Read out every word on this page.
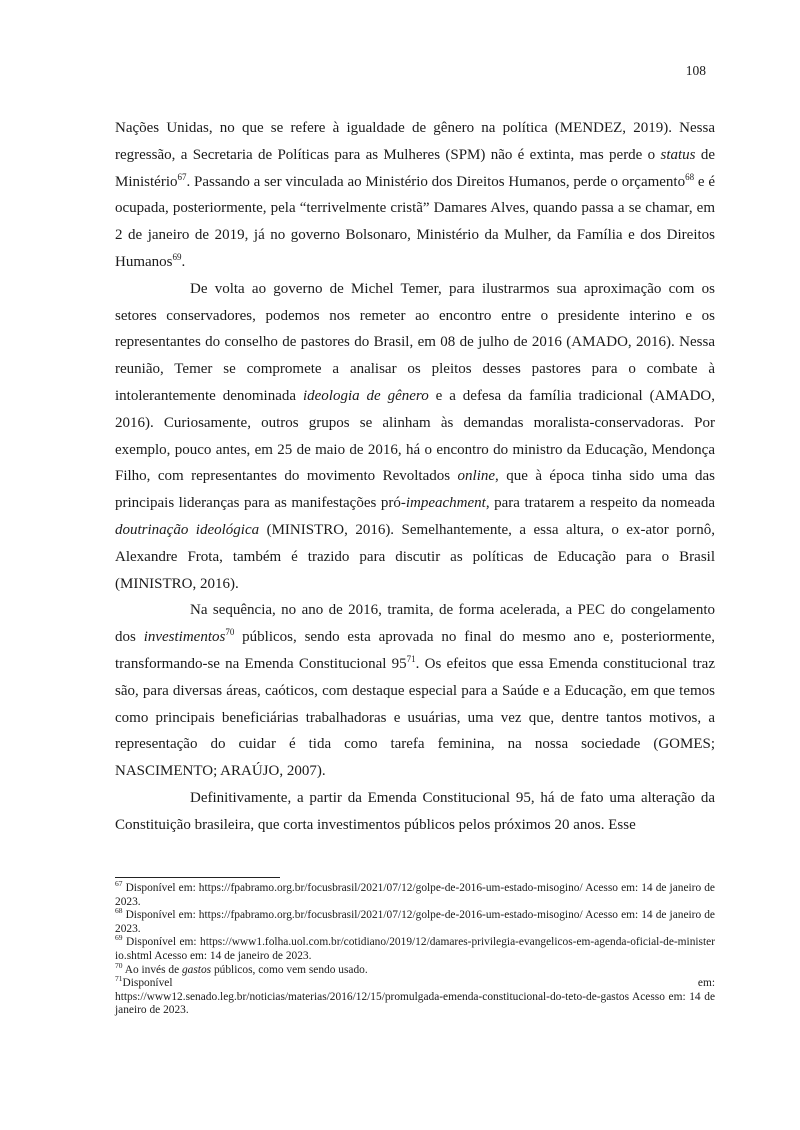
108

Nações Unidas, no que se refere à igualdade de gênero na política (MENDEZ, 2019). Nessa regressão, a Secretaria de Políticas para as Mulheres (SPM) não é extinta, mas perde o status de Ministério$^{67}$. Passando a ser vinculada ao Ministério dos Direitos Humanos, perde o orçamento$^{68}$ e é ocupada, posteriormente, pela “terrivelmente cristã” Damares Alves, quando passa a se chamar, em 2 de janeiro de 2019, já no governo Bolsonaro, Ministério da Mulher, da Família e dos Direitos Humanos$^{69}$.

De volta ao governo de Michel Temer, para ilustrarmos sua aproximação com os setores conservadores, podemos nos remeter ao encontro entre o presidente interino e os representantes do conselho de pastores do Brasil, em 08 de julho de 2016 (AMADO, 2016). Nessa reunião, Temer se compromete a analisar os pleitos desses pastores para o combate à intolerantemente denominada ideologia de gênero e a defesa da família tradicional (AMADO, 2016). Curiosamente, outros grupos se alinham às demandas moralista-conservadoras. Por exemplo, pouco antes, em 25 de maio de 2016, há o encontro do ministro da Educação, Mendonça Filho, com representantes do movimento Revoltados online, que à época tinha sido uma das principais lideranças para as manifestações pró-impeachment, para tratarem a respeito da nomeada doutrinação ideológica (MINISTRO, 2016). Semelhantemente, a essa altura, o ex-ator pornô, Alexandre Frota, também é trazido para discutir as políticas de Educação para o Brasil (MINISTRO, 2016).

Na sequência, no ano de 2016, tramita, de forma acelerada, a PEC do congelamento dos investimentos$^{70}$ públicos, sendo esta aprovada no final do mesmo ano e, posteriormente, transformando-se na Emenda Constitucional $95^{71}$. Os efeitos que essa Emenda constitucional traz são, para diversas áreas, caóticos, com destaque especial para a Saúde e a Educação, em que temos como principais beneficiárias trabalhadoras e usuárias, uma vez que, dentre tantos motivos, a representação do cuidar é tida como tarefa feminina, na nossa sociedade (GOMES; NASCIMENTO; ARAÚJO, 2007).

Definitivamente, a partir da Emenda Constitucional 95, há de fato uma alteração da Constituição brasileira, que corta investimentos públicos pelos próximos 20 anos. Esse

$^{67}$ Disponível em: https://fpabramo.org.br/focusbrasil/2021/07/12/golpe-de-2016-um-estado-misogino/ Acesso em: 14 de janeiro de 2023.

$^{68}$ Disponível em: https://fpabramo.org.br/focusbrasil/2021/07/12/golpe-de-2016-um-estado-misogino/ Acesso em: 14 de janeiro de 2023.

$^{69}$ Disponível em: https://www1.folha.uol.com.br/cotidiano/2019/12/damares-privilegia-evangelicos-em-agenda-oficial-de-ministerio.shtml Acesso em: 14 de janeiro de 2023.

$^{70}$ Ao invés de gastos públicos, como vem sendo usado.

$^{71}$Disponível	em:
https://www12.senado.leg.br/noticias/materias/2016/12/15/promulgada-emenda-constitucional-do-teto-de-gastos Acesso em: 14 de janeiro de 2023.
